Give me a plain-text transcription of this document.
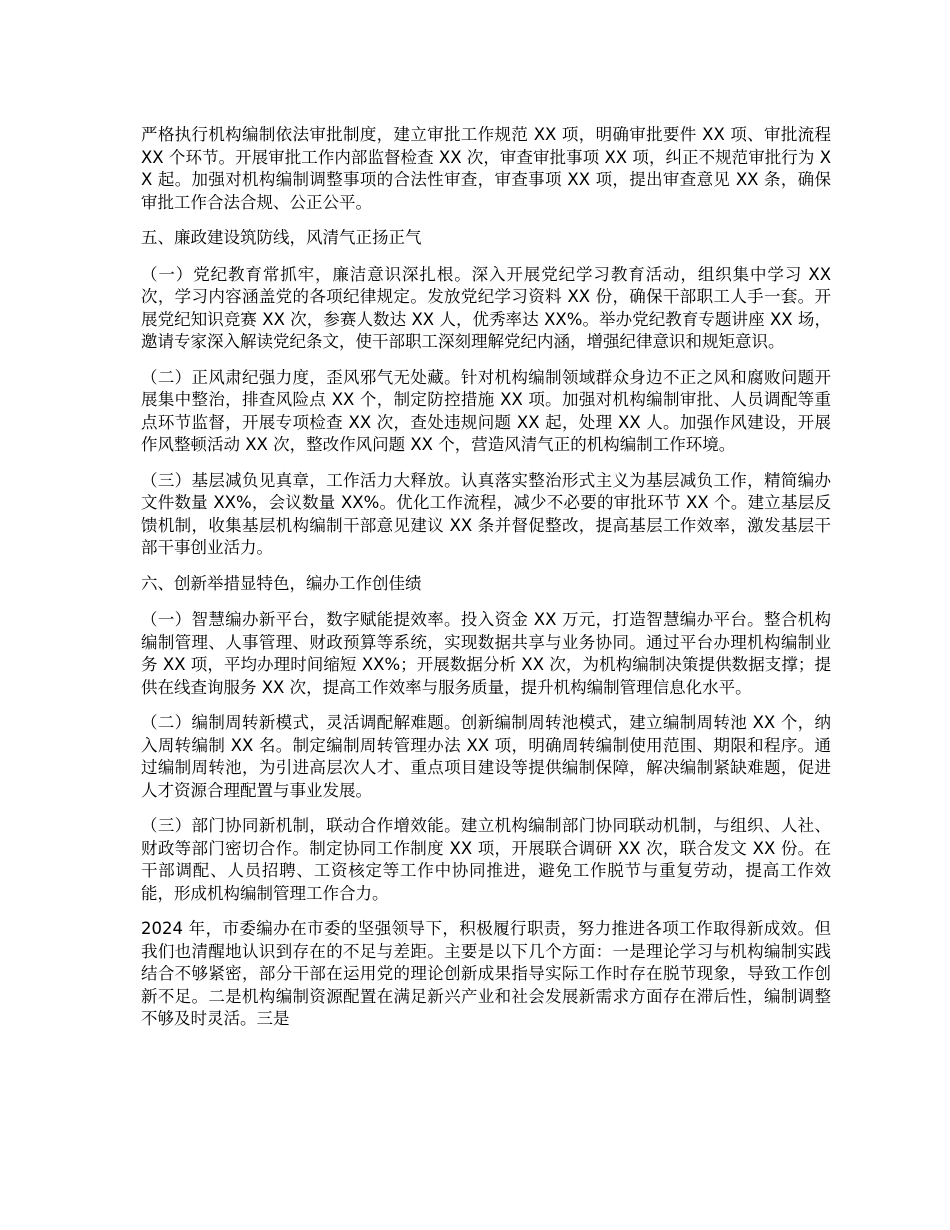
严格执行机构编制依法审批制度，建立审批工作规范 XX 项，明确审批要件 XX 项、审批流程 XX 个环节。开展审批工作内部监督检查 XX 次，审查审批事项 XX 项，纠正不规范审批行为 XX 起。加强对机构编制调整事项的合法性审查，审查事项 XX 项，提出审查意见 XX 条，确保审批工作合法合规、公正公平。

五、廉政建设筑防线，风清气正扬正气

（一）党纪教育常抓牢，廉洁意识深扎根。深入开展党纪学习教育活动，组织集中学习 XX 次，学习内容涵盖党的各项纪律规定。发放党纪学习资料 XX 份，确保干部职工人手一套。开展党纪知识竞赛 XX 次，参赛人数达 XX 人，优秀率达 XX%。举办党纪教育专题讲座 XX 场，邀请专家深入解读党纪条文，使干部职工深刻理解党纪内涵，增强纪律意识和规矩意识。

（二）正风肃纪强力度，歪风邪气无处藏。针对机构编制领域群众身边不正之风和腐败问题开展集中整治，排查风险点 XX 个，制定防控措施 XX 项。加强对机构编制审批、人员调配等重点环节监督，开展专项检查 XX 次，查处违规问题 XX 起，处理 XX 人。加强作风建设，开展作风整顿活动 XX 次，整改作风问题 XX 个，营造风清气正的机构编制工作环境。

（三）基层减负见真章，工作活力大释放。认真落实整治形式主义为基层减负工作，精简编办文件数量 XX%，会议数量 XX%。优化工作流程，减少不必要的审批环节 XX 个。建立基层反馈机制，收集基层机构编制干部意见建议 XX 条并督促整改，提高基层工作效率，激发基层干部干事创业活力。

六、创新举措显特色，编办工作创佳绩

（一）智慧编办新平台，数字赋能提效率。投入资金 XX 万元，打造智慧编办平台。整合机构编制管理、人事管理、财政预算等系统，实现数据共享与业务协同。通过平台办理机构编制业务 XX 项，平均办理时间缩短 XX%；开展数据分析 XX 次，为机构编制决策提供数据支撑；提供在线查询服务 XX 次，提高工作效率与服务质量，提升机构编制管理信息化水平。

（二）编制周转新模式，灵活调配解难题。创新编制周转池模式，建立编制周转池 XX 个，纳入周转编制 XX 名。制定编制周转管理办法 XX 项，明确周转编制使用范围、期限和程序。通过编制周转池，为引进高层次人才、重点项目建设等提供编制保障，解决编制紧缺难题，促进人才资源合理配置与事业发展。

（三）部门协同新机制，联动合作增效能。建立机构编制部门协同联动机制，与组织、人社、财政等部门密切合作。制定协同工作制度 XX 项，开展联合调研 XX 次，联合发文 XX 份。在干部调配、人员招聘、工资核定等工作中协同推进，避免工作脱节与重复劳动，提高工作效能，形成机构编制管理工作合力。

2024 年，市委编办在市委的坚强领导下，积极履行职责，努力推进各项工作取得新成效。但我们也清醒地认识到存在的不足与差距。主要是以下几个方面：一是理论学习与机构编制实践结合不够紧密，部分干部在运用党的理论创新成果指导实际工作时存在脱节现象，导致工作创新不足。二是机构编制资源配置在满足新兴产业和社会发展新需求方面存在滞后性，编制调整不够及时灵活。三是
